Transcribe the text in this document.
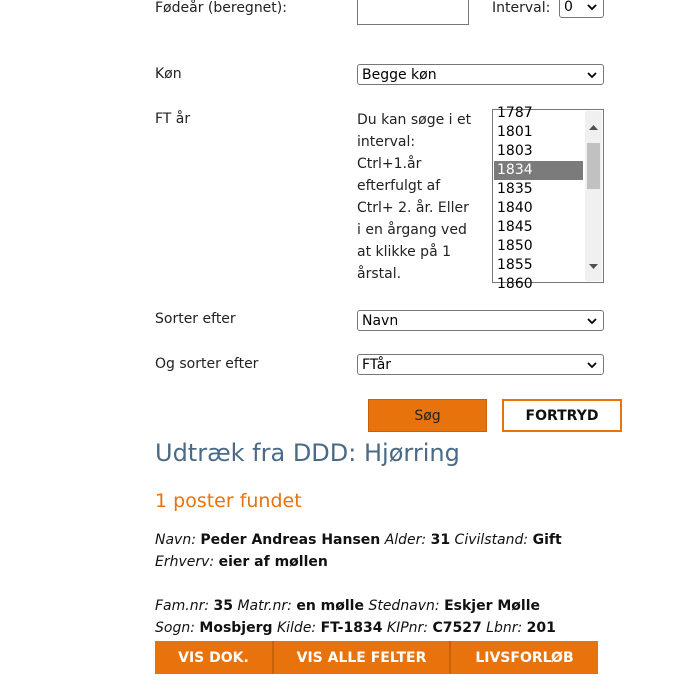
Fødeår (beregnet):	Interval: 0
Køn	Begge køn
FT år	Du kan søge i et interval: Ctrl+1.år efterfulgt af Ctrl+ 2. år. Eller i en årgang ved at klikke på 1 årstal.
1787
1801
1803
1834
1835
1840
1845
1850
1855
1860
Sorter efter	Navn
Og sorter efter	FTår
Søg	FORTRYD
Udtræk fra DDD: Hjørring
1 poster fundet
Navn: Peder Andreas Hansen Alder: 31 Civilstand: Gift
Erhverv: eier af møllen
Fam.nr: 35 Matr.nr: en mølle Stednavn: Eskjer Mølle
Sogn: Mosbjerg Kilde: FT-1834 KIPnr: C7527 Lbnr: 201
VIS DOK.	VIS ALLE FELTER	LIVSFORLØB
